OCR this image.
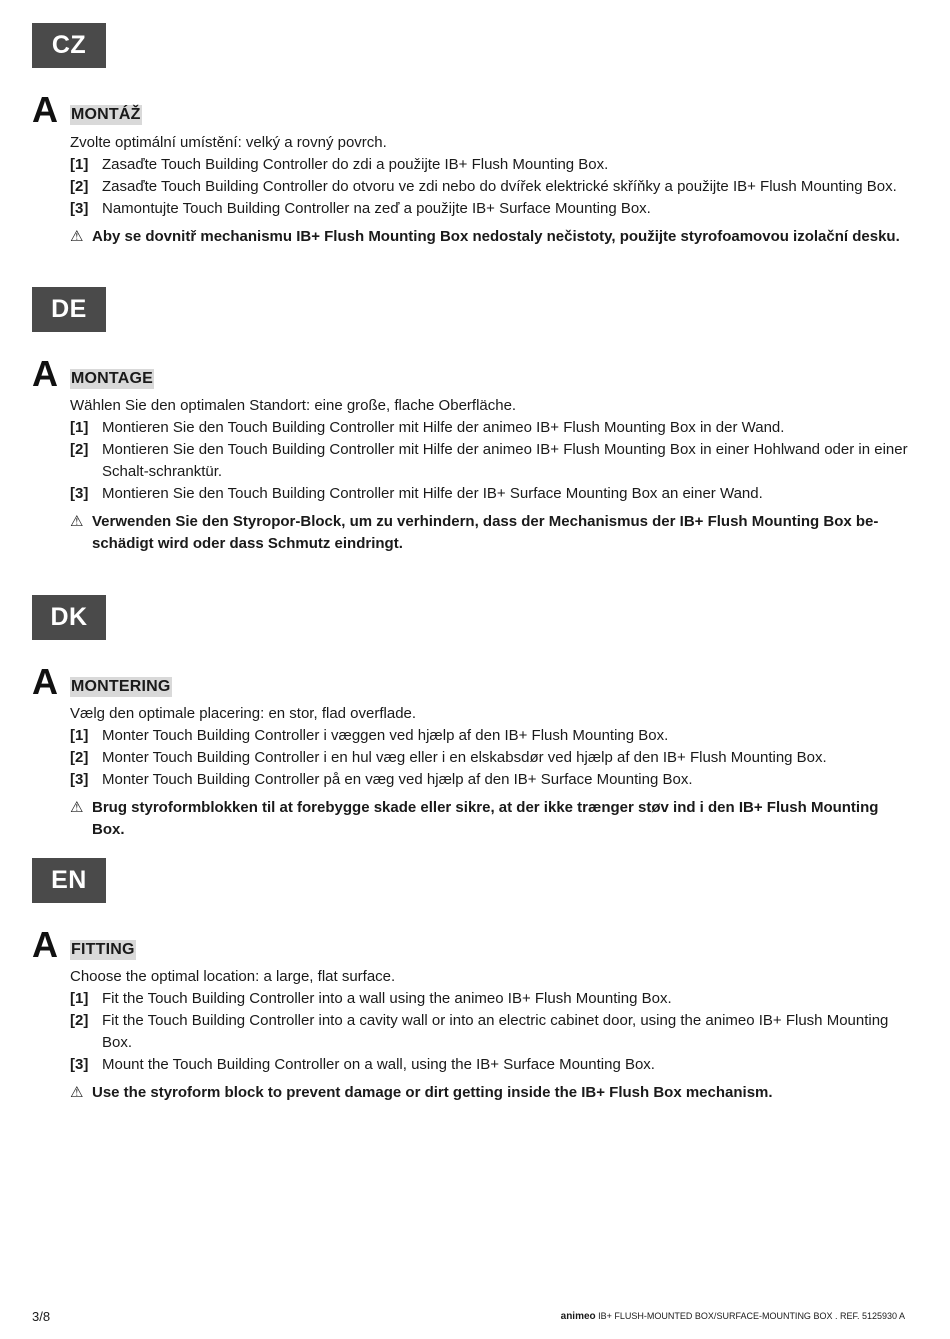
CZ
A MONTÁŽ

Zvolte optimální umístění: velký a rovný povrch.

[1] Zasaďte Touch Building Controller do zdi a použijte IB+ Flush Mounting Box.
[2] Zasaďte Touch Building Controller do otvoru ve zdi nebo do dvířek elektrické skříňky a použijte IB+ Flush Mounting Box.
[3] Namontujte Touch Building Controller na zeď a použijte IB+ Surface Mounting Box.
⚠ Aby se dovnitř mechanismu IB+ Flush Mounting Box nedostaly nečistoty, použijte styrofoamovou izolační desku.
DE
A MONTAGE

Wählen Sie den optimalen Standort: eine große, flache Oberfläche.

[1] Montieren Sie den Touch Building Controller mit Hilfe der animeo IB+ Flush Mounting Box in der Wand.
[2] Montieren Sie den Touch Building Controller mit Hilfe der animeo IB+ Flush Mounting Box in einer Hohlwand oder in einer Schalt-schranktür.
[3] Montieren Sie den Touch Building Controller mit Hilfe der IB+ Surface Mounting Box an einer Wand.
⚠ Verwenden Sie den Styropor-Block, um zu verhindern, dass der Mechanismus der IB+ Flush Mounting Box be-schädigt wird oder dass Schmutz eindringt.
DK
A MONTERING

Vælg den optimale placering: en stor, flad overflade.

[1] Monter Touch Building Controller i væggen ved hjælp af den IB+ Flush Mounting Box.
[2] Monter Touch Building Controller i en hul væg eller i en elskabsdør ved hjælp af den IB+ Flush Mounting Box.
[3] Monter Touch Building Controller på en væg ved hjælp af den IB+ Surface Mounting Box.
⚠ Brug styroformblokken til at forebygge skade eller sikre, at der ikke trænger støv ind i den IB+ Flush Mounting Box.
EN
A FITTING

Choose the optimal location: a large, flat surface.

[1] Fit the Touch Building Controller into a wall using the animeo IB+ Flush Mounting Box.
[2] Fit the Touch Building Controller into a cavity wall or into an electric cabinet door, using the animeo IB+ Flush Mounting Box.
[3] Mount the Touch Building Controller on a wall, using the IB+ Surface Mounting Box.
⚠ Use the styroform block to prevent damage or dirt getting inside the IB+ Flush Box mechanism.
3/8	animeo IB+ FLUSH-MOUNTED BOX/SURFACE-MOUNTING BOX . REF. 5125930 A
